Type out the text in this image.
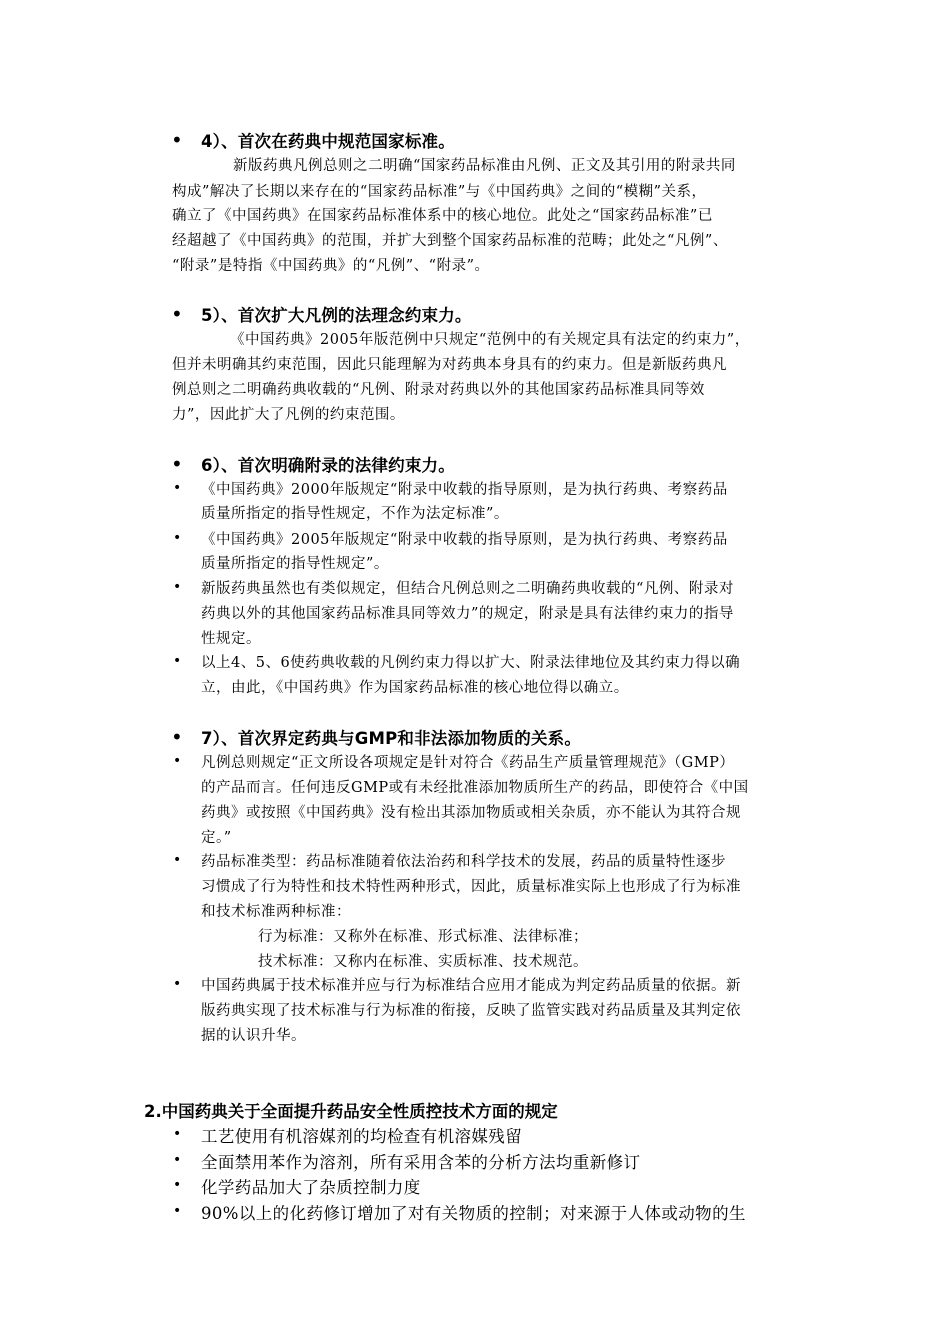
• 4）、首次在药典中规范国家标准。
新版药典凡例总则之二明确“国家药品标准由凡例、正文及其引用的附录共同
构成”解决了长期以来存在的“国家药品标准”与《中国药典》之间的“模糊”关系，
确立了《中国药典》在国家药品标准体系中的核心地位。此处之“国家药品标准”已
经超越了《中国药典》的范围，并扩大到整个国家药品标准的范畴；此处之“凡例”、
“附录”是特指《中国药典》的“凡例”、“附录”。
• 5）、首次扩大凡例的法理念约束力。
《中国药典》2005年版范例中只规定“范例中的有关规定具有法定的约束力”，
但并未明确其约束范围，因此只能理解为对药典本身具有的约束力。但是新版药典凡
例总则之二明确药典收载的“凡例、附录对药典以外的其他国家药品标准具同等效
力”，因此扩大了凡例的约束范围。
• 6）、首次明确附录的法律约束力。
• 《中国药典》2000年版规定“附录中收载的指导原则，是为执行药典、考察药品
质量所指定的指导性规定，不作为法定标准”。
• 《中国药典》2005年版规定“附录中收载的指导原则，是为执行药典、考察药品
质量所指定的指导性规定”。
• 新版药典虽然也有类似规定，但结合凡例总则之二明确药典收载的“凡例、附录对
药典以外的其他国家药品标准具同等效力”的规定，附录是具有法律约束力的指导
性规定。
• 以上4、5、6使药典收载的凡例约束力得以扩大、附录法律地位及其约束力得以确
立，由此，《中国药典》作为国家药品标准的核心地位得以确立。
• 7）、首次界定药典与GMP和非法添加物质的关系。
• 凡例总则规定“正文所设各项规定是针对符合《药品生产质量管理规范》（GMP）
的产品而言。任何违反GMP或有未经批准添加物质所生产的药品，即使符合《中国
药典》或按照《中国药典》没有检出其添加物质或相关杂质，亦不能认为其符合规
定。”
• 药品标准类型：药品标准随着依法治药和科学技术的发展，药品的质量特性逐步
习惯成了行为特性和技术特性两种形式，因此，质量标准实际上也形成了行为标准
和技术标准两种标准：
行为标准：又称外在标准、形式标准、法律标准；
技术标准：又称内在标准、实质标准、技术规范。
• 中国药典属于技术标准并应与行为标准结合应用才能成为判定药品质量的依据。新
版药典实现了技术标准与行为标准的衔接，反映了监管实践对药品质量及其判定依
据的认识升华。
2.中国药典关于全面提升药品安全性质控技术方面的规定
• 工艺使用有机溶媒剂的均检查有机溶媒残留
• 全面禁用苯作为溶剂，所有采用含苯的分析方法均重新修订
• 化学药品加大了杂质控制力度
• 90%以上的化药修订增加了对有关物质的控制；对来源于人体或动物的生
